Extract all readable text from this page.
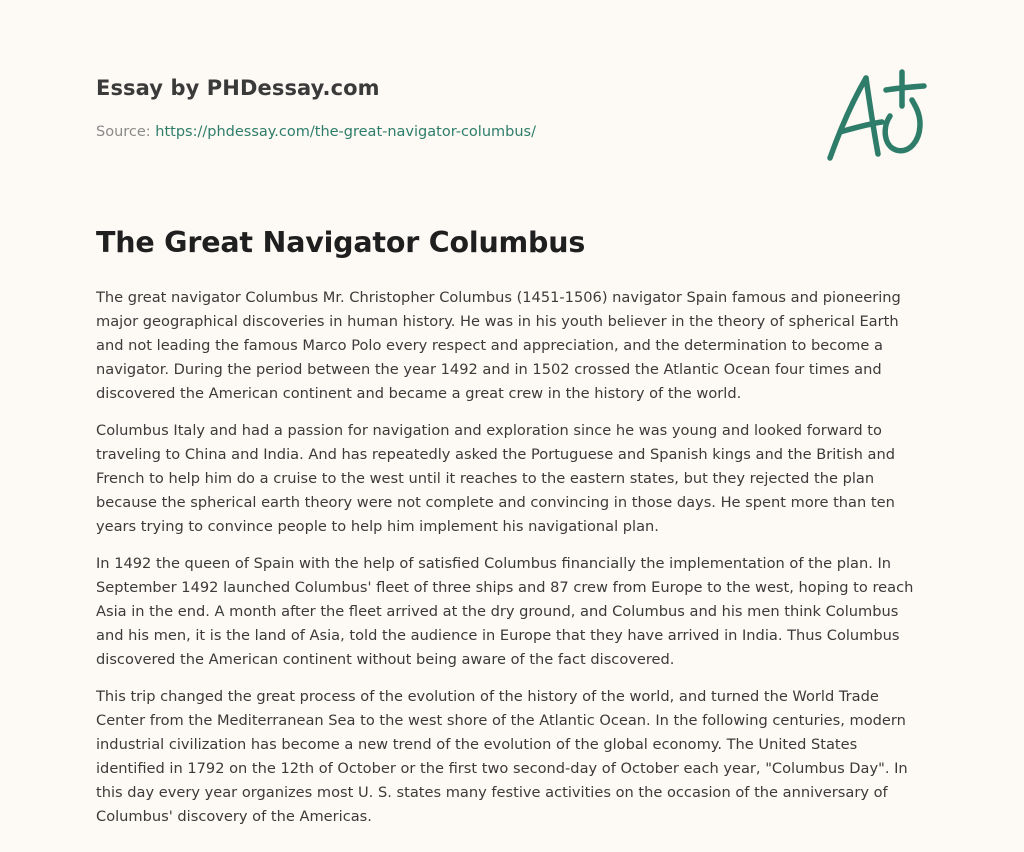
Essay by PHDessay.com

Source: https://phdessay.com/the-great-navigator-columbus/

The Great Navigator Columbus

The great navigator Columbus Mr. Christopher Columbus (1451-1506) navigator Spain famous and pioneering major geographical discoveries in human history. He was in his youth believer in the theory of spherical Earth and not leading the famous Marco Polo every respect and appreciation, and the determination to become a navigator. During the period between the year 1492 and in 1502 crossed the Atlantic Ocean four times and discovered the American continent and became a great crew in the history of the world.

Columbus Italy and had a passion for navigation and exploration since he was young and looked forward to traveling to China and India. And has repeatedly asked the Portuguese and Spanish kings and the British and French to help him do a cruise to the west until it reaches to the eastern states, but they rejected the plan because the spherical earth theory were not complete and convincing in those days. He spent more than ten years trying to convince people to help him implement his navigational plan.

In 1492 the queen of Spain with the help of satisfied Columbus financially the implementation of the plan. In September 1492 launched Columbus' fleet of three ships and 87 crew from Europe to the west, hoping to reach Asia in the end. A month after the fleet arrived at the dry ground, and Columbus and his men think Columbus and his men, it is the land of Asia, told the audience in Europe that they have arrived in India. Thus Columbus discovered the American continent without being aware of the fact discovered.

This trip changed the great process of the evolution of the history of the world, and turned the World Trade Center from the Mediterranean Sea to the west shore of the Atlantic Ocean. In the following centuries, modern industrial civilization has become a new trend of the evolution of the global economy. The United States identified in 1792 on the 12th of October or the first two second-day of October each year, "Columbus Day". In this day every year organizes most U. S. states many festive activities on the occasion of the anniversary of Columbus' discovery of the Americas.
